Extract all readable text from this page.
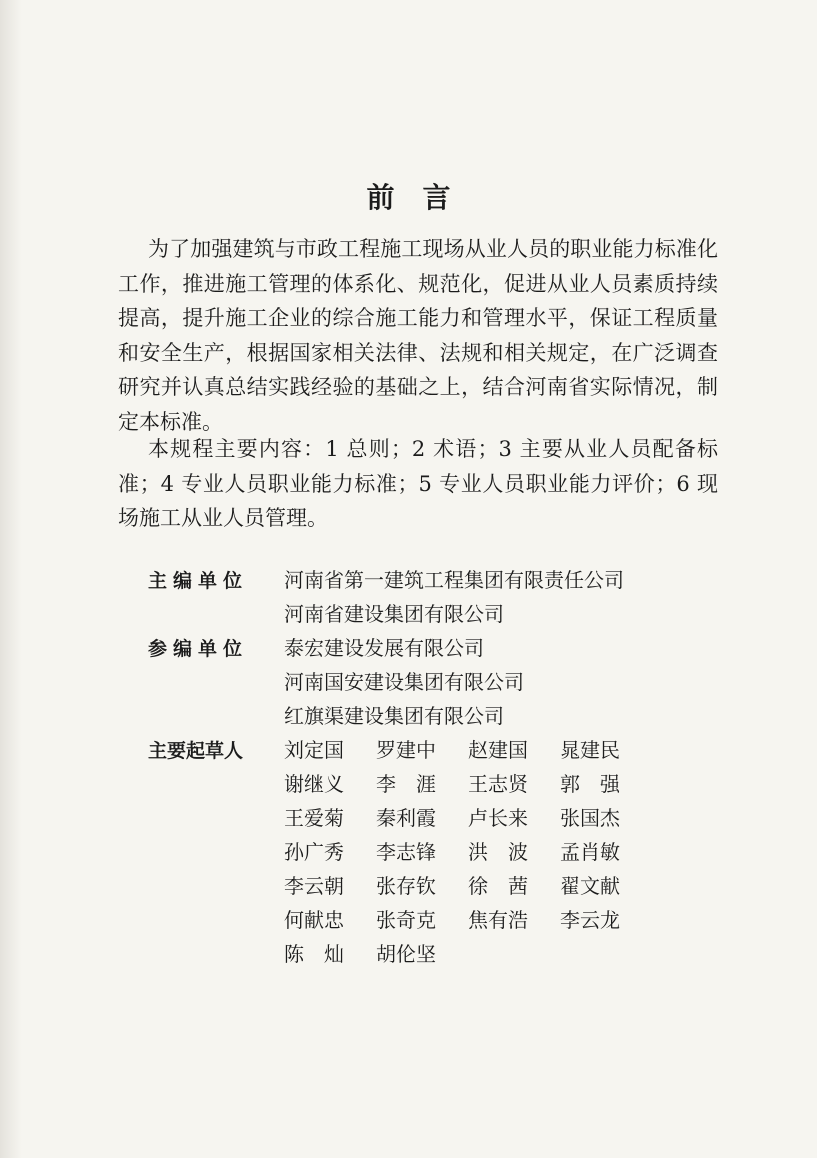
前言

为了加强建筑与市政工程施工现场从业人员的职业能力标准化工作，推进施工管理的体系化、规范化，促进从业人员素质持续提高，提升施工企业的综合施工能力和管理水平，保证工程质量和安全生产，根据国家相关法律、法规和相关规定，在广泛调查研究并认真总结实践经验的基础之上，结合河南省实际情况，制定本标准。

本规程主要内容：1 总则；2 术语；3 主要从业人员配备标准；4 专业人员职业能力标准；5 专业人员职业能力评价；6 现场施工从业人员管理。

主编单位	河南省第一建筑工程集团有限责任公司
河南省建设集团有限公司
参编单位	泰宏建设发展有限公司
河南国安建设集团有限公司
红旗渠建设集团有限公司
主要起草人	刘定国	罗建中	赵建国	晁建民
谢继义	李　涯	王志贤	郭　强
王爱菊	秦利霞	卢长来	张国杰
孙广秀	李志锋	洪　波	孟肖敏
李云朝	张存钦	徐　茜	翟文献
何献忠	张奇克	焦有浩	李云龙
陈　灿	胡伦坚
